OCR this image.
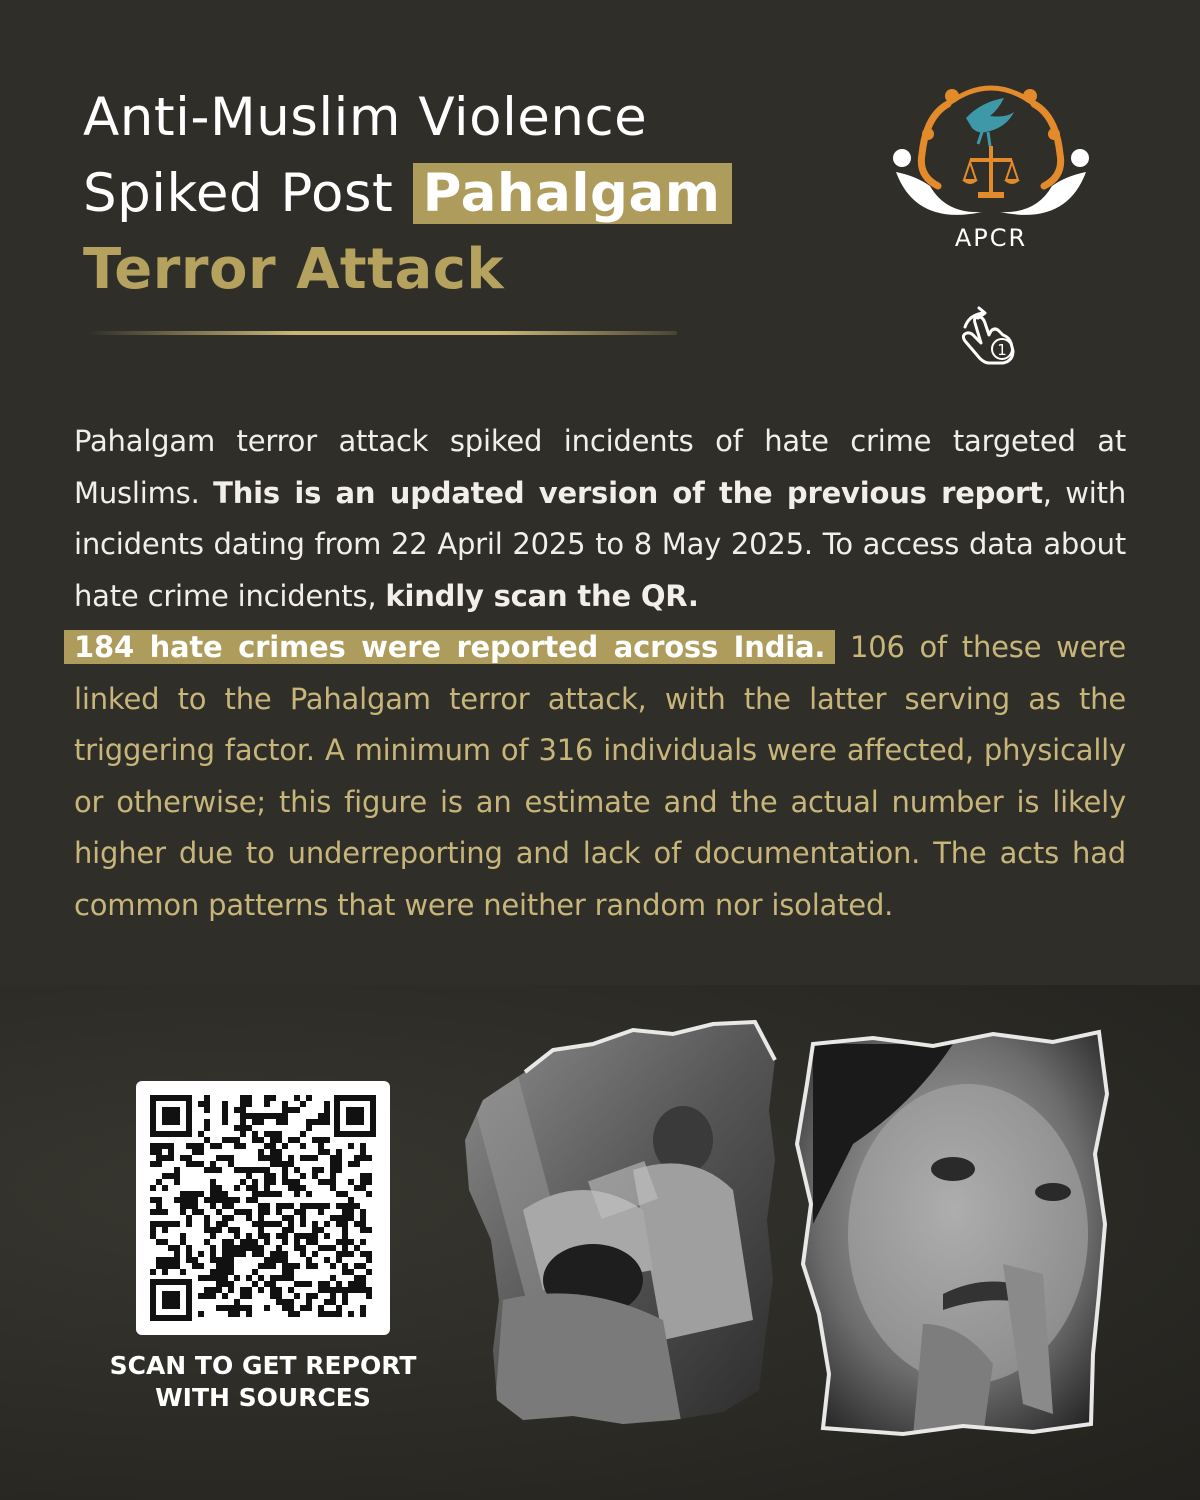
Anti-Muslim Violence
Spiked Post Pahalgam
Terror Attack	APCR
1
Pahalgam terror attack spiked incidents of hate crime targeted at Muslims. This is an updated version of the previous report, with incidents dating from 22 April 2025 to 8 May 2025. To access data about hate crime incidents, kindly scan the QR.
184 hate crimes were reported across India. 106 of these were linked to the Pahalgam terror attack, with the latter serving as the triggering factor. A minimum of 316 individuals were affected, physically or otherwise; this figure is an estimate and the actual number is likely higher due to underreporting and lack of documentation. The acts had common patterns that were neither random nor isolated.
SCAN TO GET REPORT
WITH SOURCES
